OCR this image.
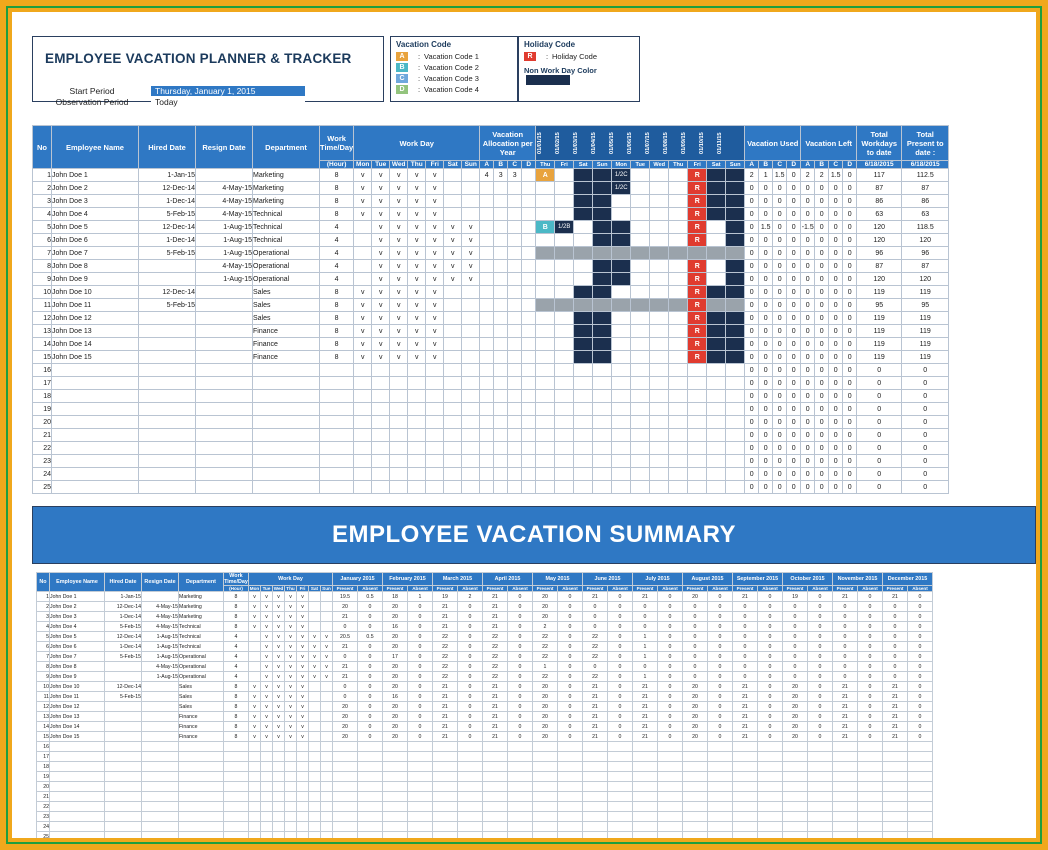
EMPLOYEE VACATION PLANNER & TRACKER
Start Period	Thursday, January 1, 2015
Observation Period	Today
Vacation Code
A	: Vacation Code 1
B	: Vacation Code 2
C	: Vacation Code 3
D	: Vacation Code 4
Holiday Code
R	: Holiday Code
Non Work Day Color
No	Employee Name	Hired Date	Resign Date	Department	Work Time/Day	Work Day	Vacation Allocation per Year	01/01/15	01/02/15	01/03/15	01/04/15	01/05/15	01/06/15	01/07/15	01/08/15	01/09/15	01/10/15	01/11/15	Vacation Used	Vacation Left	Total Workdays to date	Total Present to date :
					(Hour)	Mon	Tue	Wed	Thu	Fri	Sat	Sun	A	B	C	D	Thu	Fri	Sat	Sun	Mon	Tue	Wed	Thu	Fri	Sat	Sun	A	B	C	D	A	B	C	D	6/18/2015	6/18/2015
1	John Doe 1	1-Jan-15		Marketing	8	v	v	v	v	v			4	3	3		A				1/2C				R			2	1	1.5	0	2	2	1.5	0	117	112.5
2	John Doe 2	12-Dec-14	4-May-15	Marketing	8	v	v	v	v	v											1/2C				R			0	0	0	0	0	0	0	0	87	87
3	John Doe 3	1-Dec-14	4-May-15	Marketing	8	v	v	v	v	v															R			0	0	0	0	0	0	0	0	86	86
4	John Doe 4	5-Feb-15	4-May-15	Technical	8	v	v	v	v	v															R			0	0	0	0	0	0	0	0	63	63
5	John Doe 5	12-Dec-14	1-Aug-15	Technical	4		v	v	v	v	v	v					B	1/2B							R			0	1.5	0	0	-1.5	0	0	0	120	118.5
6	John Doe 6	1-Dec-14	1-Aug-15	Technical	4		v	v	v	v	v	v													R			0	0	0	0	0	0	0	0	120	120
7	John Doe 7	5-Feb-15	1-Aug-15	Operational	4		v	v	v	v	v	v																0	0	0	0	0	0	0	0	96	96
8	John Doe 8		4-May-15	Operational	4		v	v	v	v	v	v													R			0	0	0	0	0	0	0	0	87	87
9	John Doe 9		1-Aug-15	Operational	4		v	v	v	v	v	v													R			0	0	0	0	0	0	0	0	120	120
10	John Doe 10	12-Dec-14		Sales	8	v	v	v	v	v															R			0	0	0	0	0	0	0	0	119	119
11	John Doe 11	5-Feb-15		Sales	8	v	v	v	v	v															R			0	0	0	0	0	0	0	0	95	95
12	John Doe 12			Sales	8	v	v	v	v	v															R			0	0	0	0	0	0	0	0	119	119
13	John Doe 13			Finance	8	v	v	v	v	v															R			0	0	0	0	0	0	0	0	119	119
14	John Doe 14			Finance	8	v	v	v	v	v															R			0	0	0	0	0	0	0	0	119	119
15	John Doe 15			Finance	8	v	v	v	v	v															R			0	0	0	0	0	0	0	0	119	119
16																												0	0	0	0	0	0	0	0	0	0
17																												0	0	0	0	0	0	0	0	0	0
18																												0	0	0	0	0	0	0	0	0	0
19																												0	0	0	0	0	0	0	0	0	0
20																												0	0	0	0	0	0	0	0	0	0
21																												0	0	0	0	0	0	0	0	0	0
22																												0	0	0	0	0	0	0	0	0	0
23																												0	0	0	0	0	0	0	0	0	0
24																												0	0	0	0	0	0	0	0	0	0
25																												0	0	0	0	0	0	0	0	0	0
EMPLOYEE VACATION SUMMARY
No	Employee Name	Hired Date	Resign Date	Department	Work Time/Day	Work Day							January 2015		February 2015		March 2015		April 2015		May 2015		June 2015		July 2015		August 2015		September 2015		October 2015		November 2015		December 2015	
					(Hour)	Mon	Tue	Wed	Thu	Fri	Sat	Sun	Present	Absent	Present	Absent	Present	Absent	Present	Absent	Present	Absent	Present	Absent	Present	Absent	Present	Absent	Present	Absent	Present	Absent	Present	Absent	Present	Absent
1	John Doe 1	1-Jan-15		Marketing	8	v	v	v	v	v			19.5	0.5	18	1	19	2	21	0	20	0	21	0	21	0	20	0	21	0	19	0	21	0	21	0
2	John Doe 2	12-Dec-14	4-May-15	Marketing	8	v	v	v	v	v			20	0	20	0	21	0	21	0	20	0	0	0	0	0	0	0	0	0	0	0	0	0	0	0
3	John Doe 3	1-Dec-14	4-May-15	Marketing	8	v	v	v	v	v			21	0	20	0	21	0	21	0	20	0	0	0	0	0	0	0	0	0	0	0	0	0	0	0
4	John Doe 4	5-Feb-15	4-May-15	Technical	8	v	v	v	v	v			0	0	16	0	21	0	21	0	2	0	0	0	0	0	0	0	0	0	0	0	0	0	0	0
5	John Doe 5	12-Dec-14	1-Aug-15	Technical	4		v	v	v	v	v	v	20.5	0.5	20	0	22	0	22	0	22	0	22	0	1	0	0	0	0	0	0	0	0	0	0	0
6	John Doe 6	1-Dec-14	1-Aug-15	Technical	4		v	v	v	v	v	v	21	0	20	0	22	0	22	0	22	0	22	0	1	0	0	0	0	0	0	0	0	0	0	0
7	John Doe 7	5-Feb-15	1-Aug-15	Operational	4		v	v	v	v	v	v	0	0	17	0	22	0	22	0	22	0	22	0	1	0	0	0	0	0	0	0	0	0	0	0
8	John Doe 8		4-May-15	Operational	4		v	v	v	v	v	v	21	0	20	0	22	0	22	0	1	0	0	0	0	0	0	0	0	0	0	0	0	0	0	0
9	John Doe 9		1-Aug-15	Operational	4		v	v	v	v	v	v	21	0	20	0	22	0	22	0	22	0	22	0	1	0	0	0	0	0	0	0	0	0	0	0
10	John Doe 10	12-Dec-14		Sales	8	v	v	v	v	v			0	0	20	0	21	0	21	0	20	0	21	0	21	0	20	0	21	0	20	0	21	0	21	0
11	John Doe 11	5-Feb-15		Sales	8	v	v	v	v	v			0	0	16	0	21	0	21	0	20	0	21	0	21	0	20	0	21	0	20	0	21	0	21	0
12	John Doe 12			Sales	8	v	v	v	v	v			20	0	20	0	21	0	21	0	20	0	21	0	21	0	20	0	21	0	20	0	21	0	21	0
13	John Doe 13			Finance	8	v	v	v	v	v			20	0	20	0	21	0	21	0	20	0	21	0	21	0	20	0	21	0	20	0	21	0	21	0
14	John Doe 14			Finance	8	v	v	v	v	v			20	0	20	0	21	0	21	0	20	0	21	0	21	0	20	0	21	0	20	0	21	0	21	0
15	John Doe 15			Finance	8	v	v	v	v	v			20	0	20	0	21	0	21	0	20	0	21	0	21	0	20	0	21	0	20	0	21	0	21	0
16																																				
17																																				
18																																				
19																																				
20																																				
21																																				
22																																				
23																																				
24																																				
25																																				
